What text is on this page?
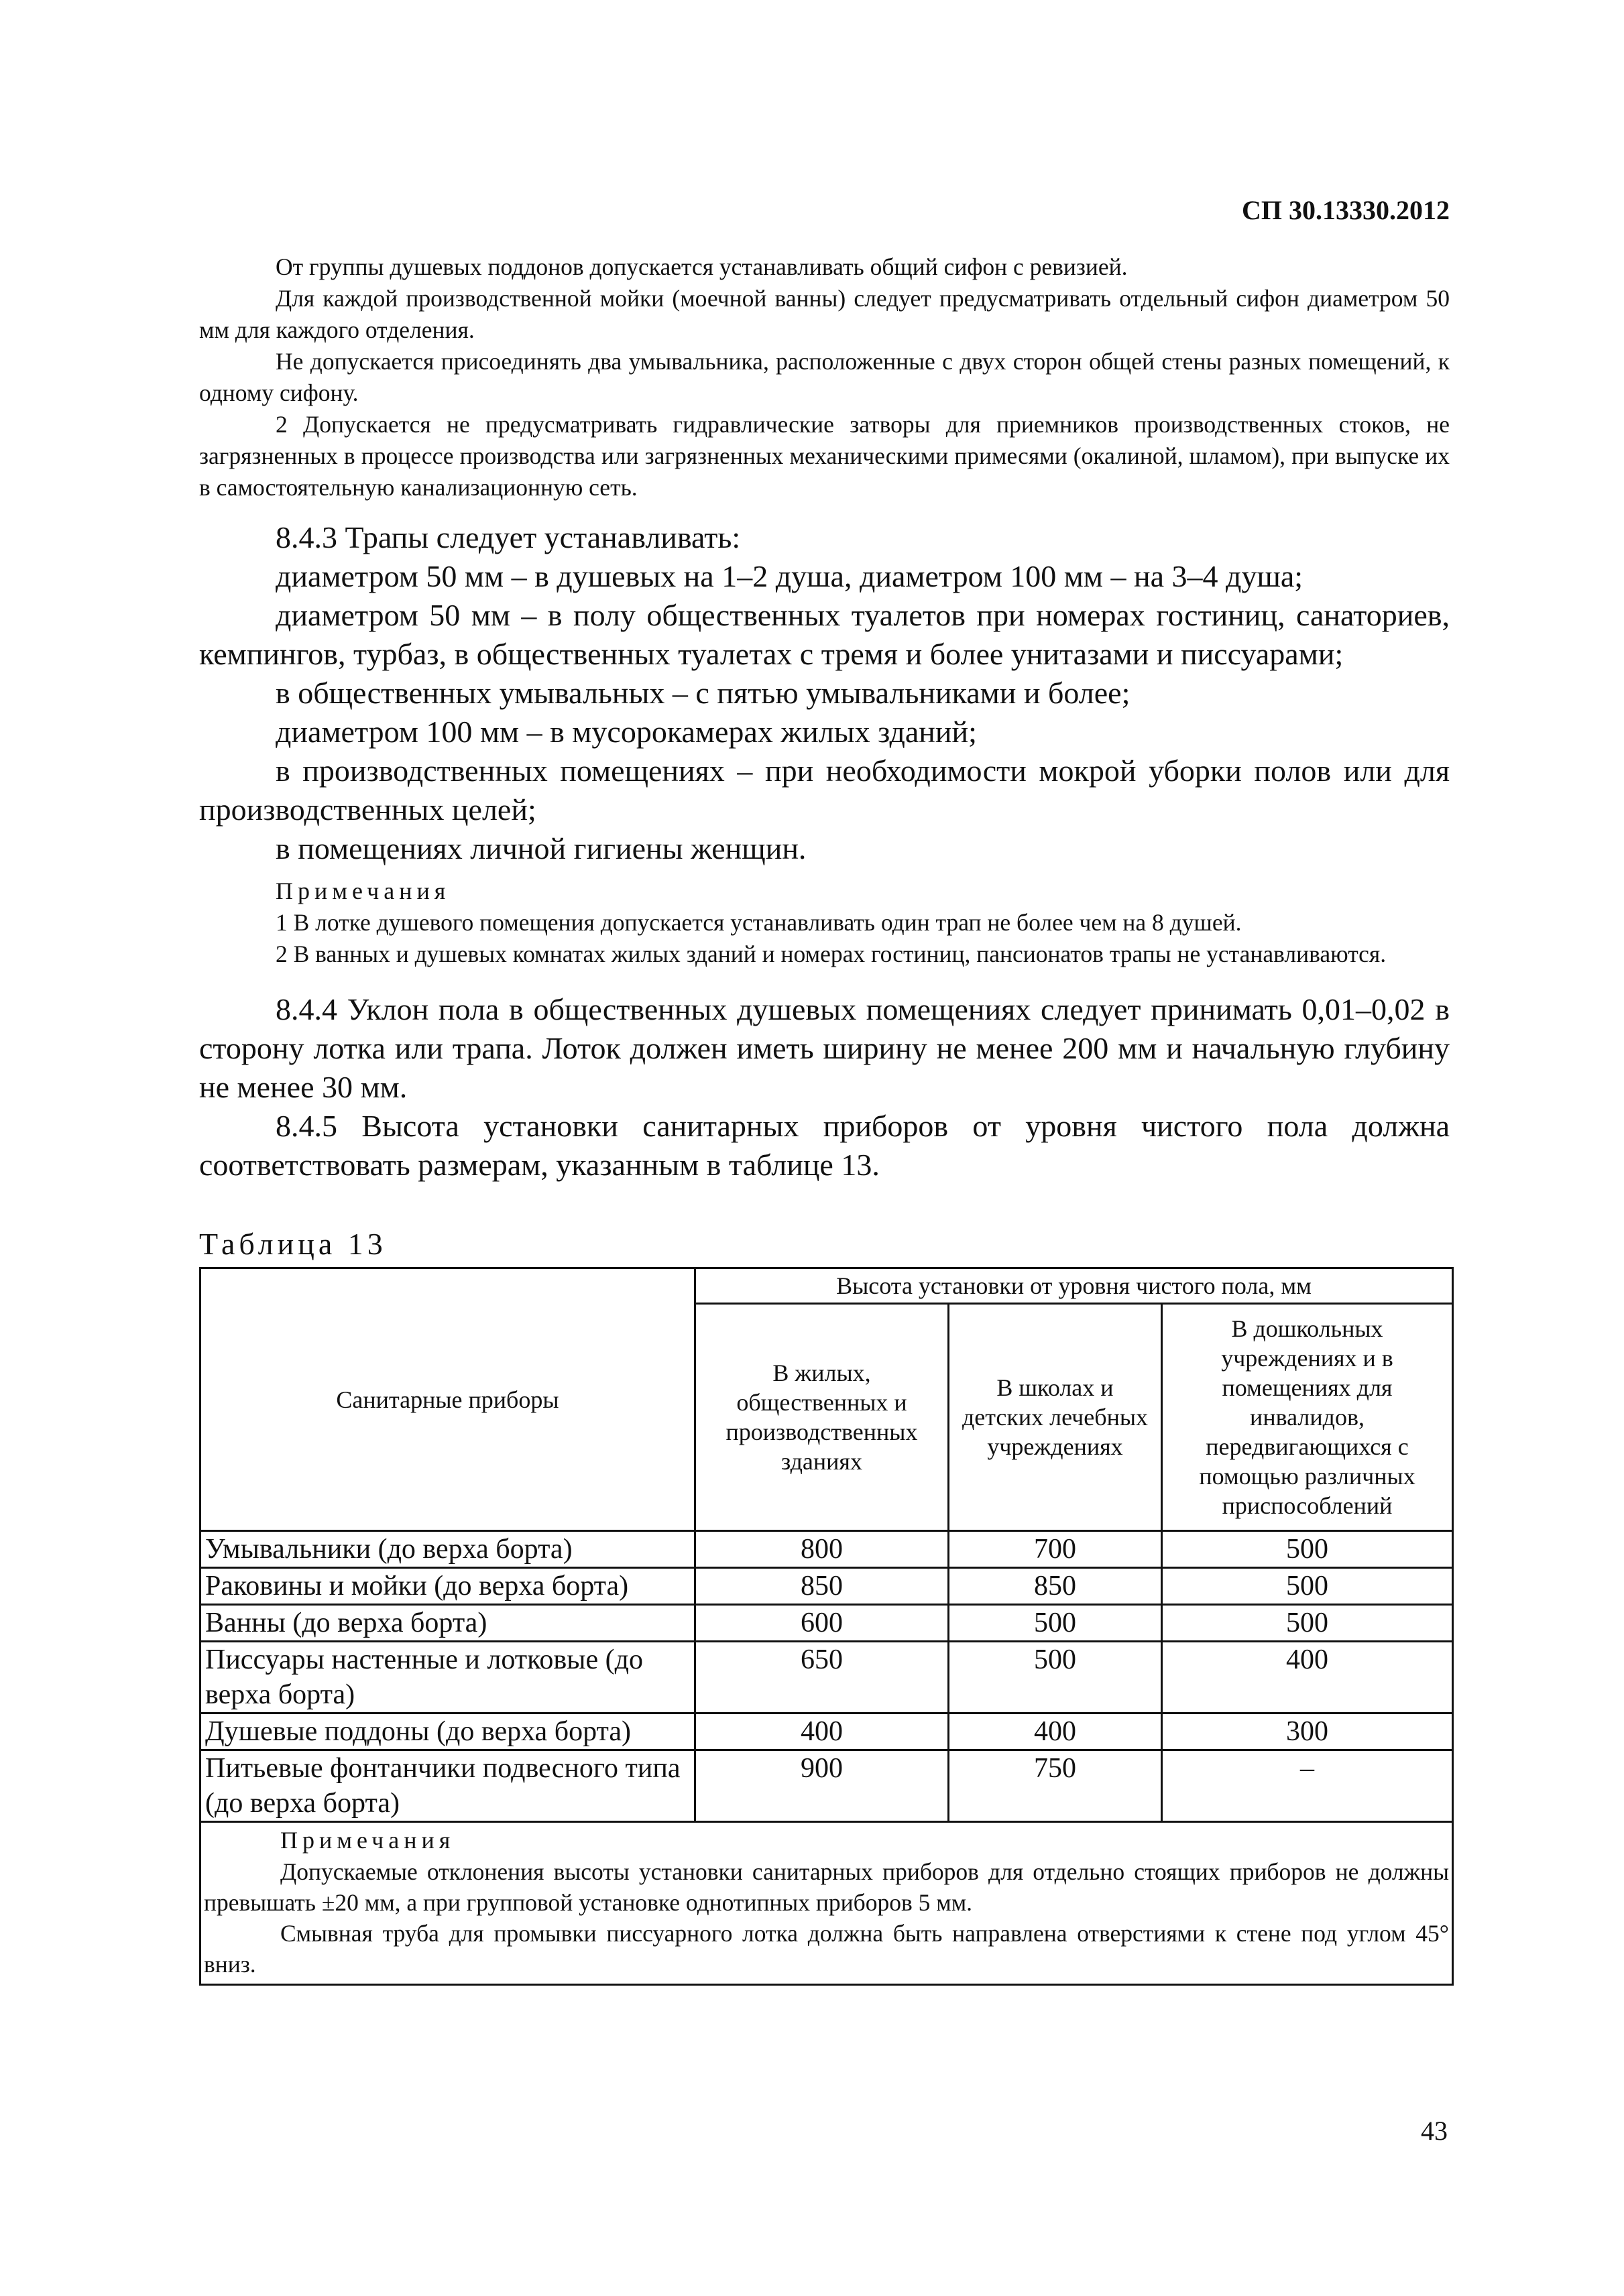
СП 30.13330.2012

От группы душевых поддонов допускается устанавливать общий сифон с ревизией.

Для каждой производственной мойки (моечной ванны) следует предусматривать отдельный сифон диаметром 50 мм для каждого отделения.

Не допускается присоединять два умывальника, расположенные с двух сторон общей стены разных помещений, к одному сифону.

2 Допускается не предусматривать гидравлические затворы для приемников производственных стоков, не загрязненных в процессе производства или загрязненных механическими примесями (окалиной, шламом), при выпуске их в самостоятельную канализационную сеть.

8.4.3 Трапы следует устанавливать:

диаметром 50 мм – в душевых на 1–2 душа, диаметром 100 мм – на 3–4 душа;

диаметром 50 мм – в полу общественных туалетов при номерах гостиниц, санаториев, кемпингов, турбаз, в общественных туалетах с тремя и более унитазами и писсуарами;

в общественных умывальных – с пятью умывальниками и более;

диаметром 100 мм – в мусорокамерах жилых зданий;

в производственных помещениях – при необходимости мокрой уборки полов или для производственных целей;

в помещениях личной гигиены женщин.

Примечания

1 В лотке душевого помещения допускается устанавливать один трап не более чем на 8 душей.

2 В ванных и душевых комнатах жилых зданий и номерах гостиниц, пансионатов трапы не устанавливаются.

8.4.4 Уклон пола в общественных душевых помещениях следует принимать 0,01–0,02 в сторону лотка или трапа. Лоток должен иметь ширину не менее 200 мм и начальную глубину не менее 30 мм.

8.4.5 Высота установки санитарных приборов от уровня чистого пола должна соответствовать размерам, указанным в таблице 13.

Таблица 13
Санитарные приборы	Высота установки от уровня чистого пола, мм		
	В жилых, общественных и производственных зданиях	В школах и детских лечебных учреждениях	В дошкольных учреждениях и в помещениях для инвалидов, передвигающихся с помощью различных приспособлений
Умывальники (до верха борта)	800	700	500
Раковины и мойки (до верха борта)	850	850	500
Ванны (до верха борта)	600	500	500
Писсуары настенные и лотковые (до верха борта)	650	500	400
Душевые поддоны (до верха борта)	400	400	300
Питьевые фонтанчики подвесного типа (до верха борта)	900	750	–

Примечания
Допускаемые отклонения высоты установки санитарных приборов для отдельно стоящих приборов не должны превышать ±20 мм, а при групповой установке однотипных приборов 5 мм.
Смывная труба для промывки писсуарного лотка должна быть направлена отверстиями к стене под углом 45° вниз.			
43
